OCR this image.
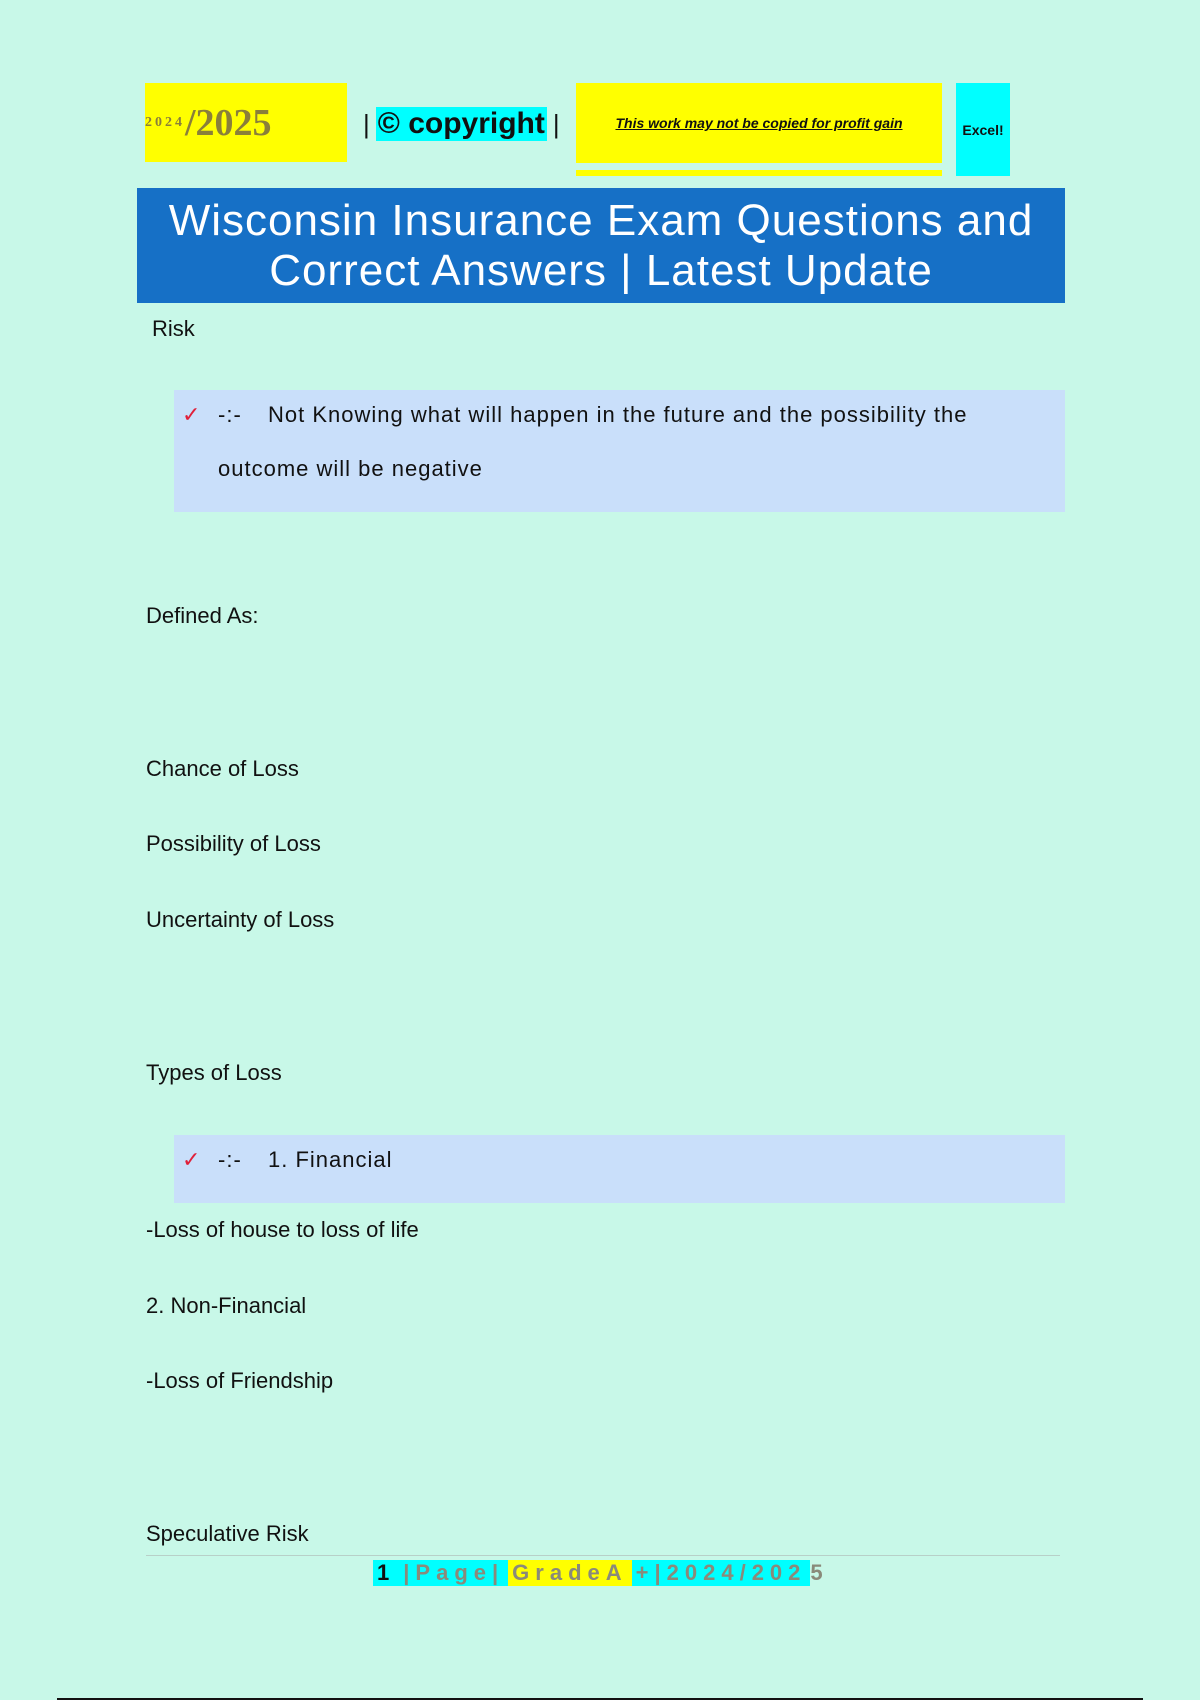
2024 /2025	| © copyright |	This work may not be copied for profit gain	Excel!
Wisconsin Insurance Exam Questions and
Correct Answers | Latest Update
Risk
✓ -:- Not Knowing what will happen in the future and the possibility the outcome will be negative
Defined As:
Chance of Loss
Possibility of Loss
Uncertainty of Loss
Types of Loss
✓ -:- 1. Financial
-Loss of house to loss of life
2. Non-Financial
-Loss of Friendship
Speculative Risk
1 |Page| GradeA +|2024/202 5
